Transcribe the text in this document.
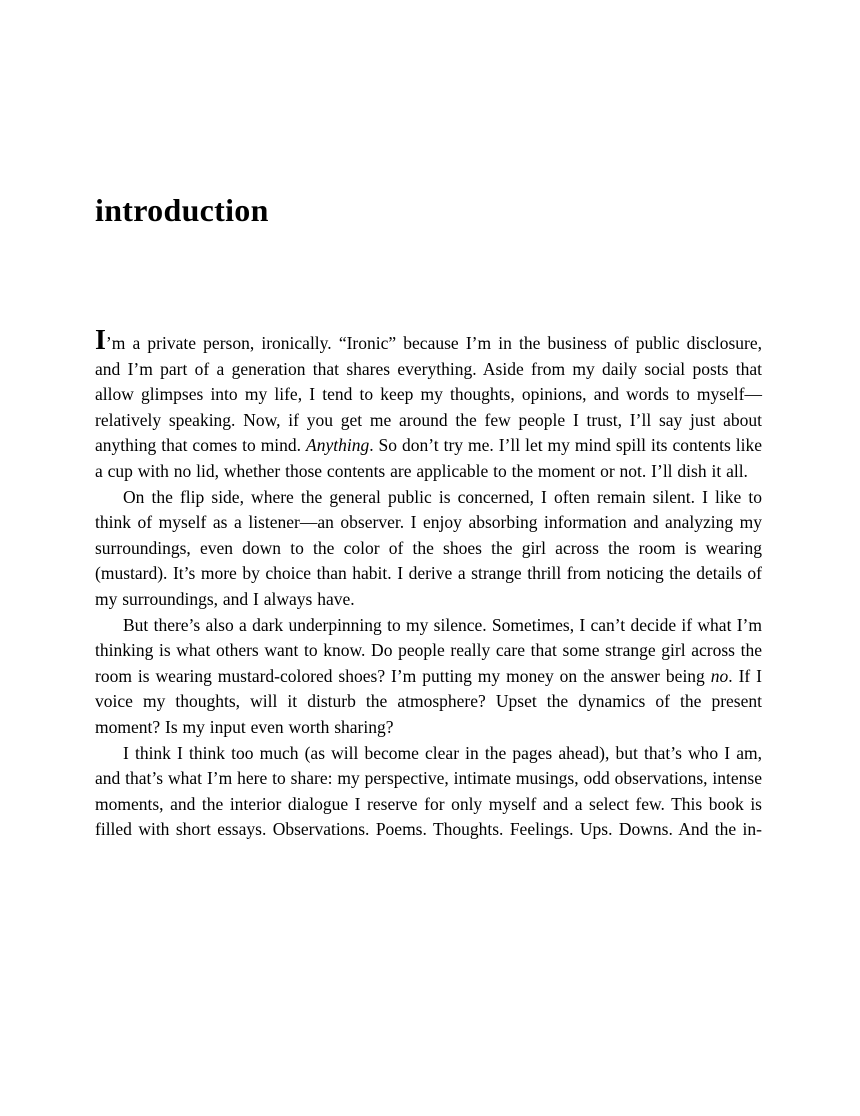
introduction

I’m a private person, ironically. “Ironic” because I’m in the business of public disclosure, and I’m part of a generation that shares everything. Aside from my daily social posts that allow glimpses into my life, I tend to keep my thoughts, opinions, and words to myself—relatively speaking. Now, if you get me around the few people I trust, I’ll say just about anything that comes to mind. Anything. So don’t try me. I’ll let my mind spill its contents like a cup with no lid, whether those contents are applicable to the moment or not. I’ll dish it all.

On the flip side, where the general public is concerned, I often remain silent. I like to think of myself as a listener—an observer. I enjoy absorbing information and analyzing my surroundings, even down to the color of the shoes the girl across the room is wearing (mustard). It’s more by choice than habit. I derive a strange thrill from noticing the details of my surroundings, and I always have.

But there’s also a dark underpinning to my silence. Sometimes, I can’t decide if what I’m thinking is what others want to know. Do people really care that some strange girl across the room is wearing mustard-colored shoes? I’m putting my money on the answer being no. If I voice my thoughts, will it disturb the atmosphere? Upset the dynamics of the present moment? Is my input even worth sharing?

I think I think too much (as will become clear in the pages ahead), but that’s who I am, and that’s what I’m here to share: my perspective, intimate musings, odd observations, intense moments, and the interior dialogue I reserve for only myself and a select few. This book is filled with short essays. Observations. Poems. Thoughts. Feelings. Ups. Downs. And the in-
